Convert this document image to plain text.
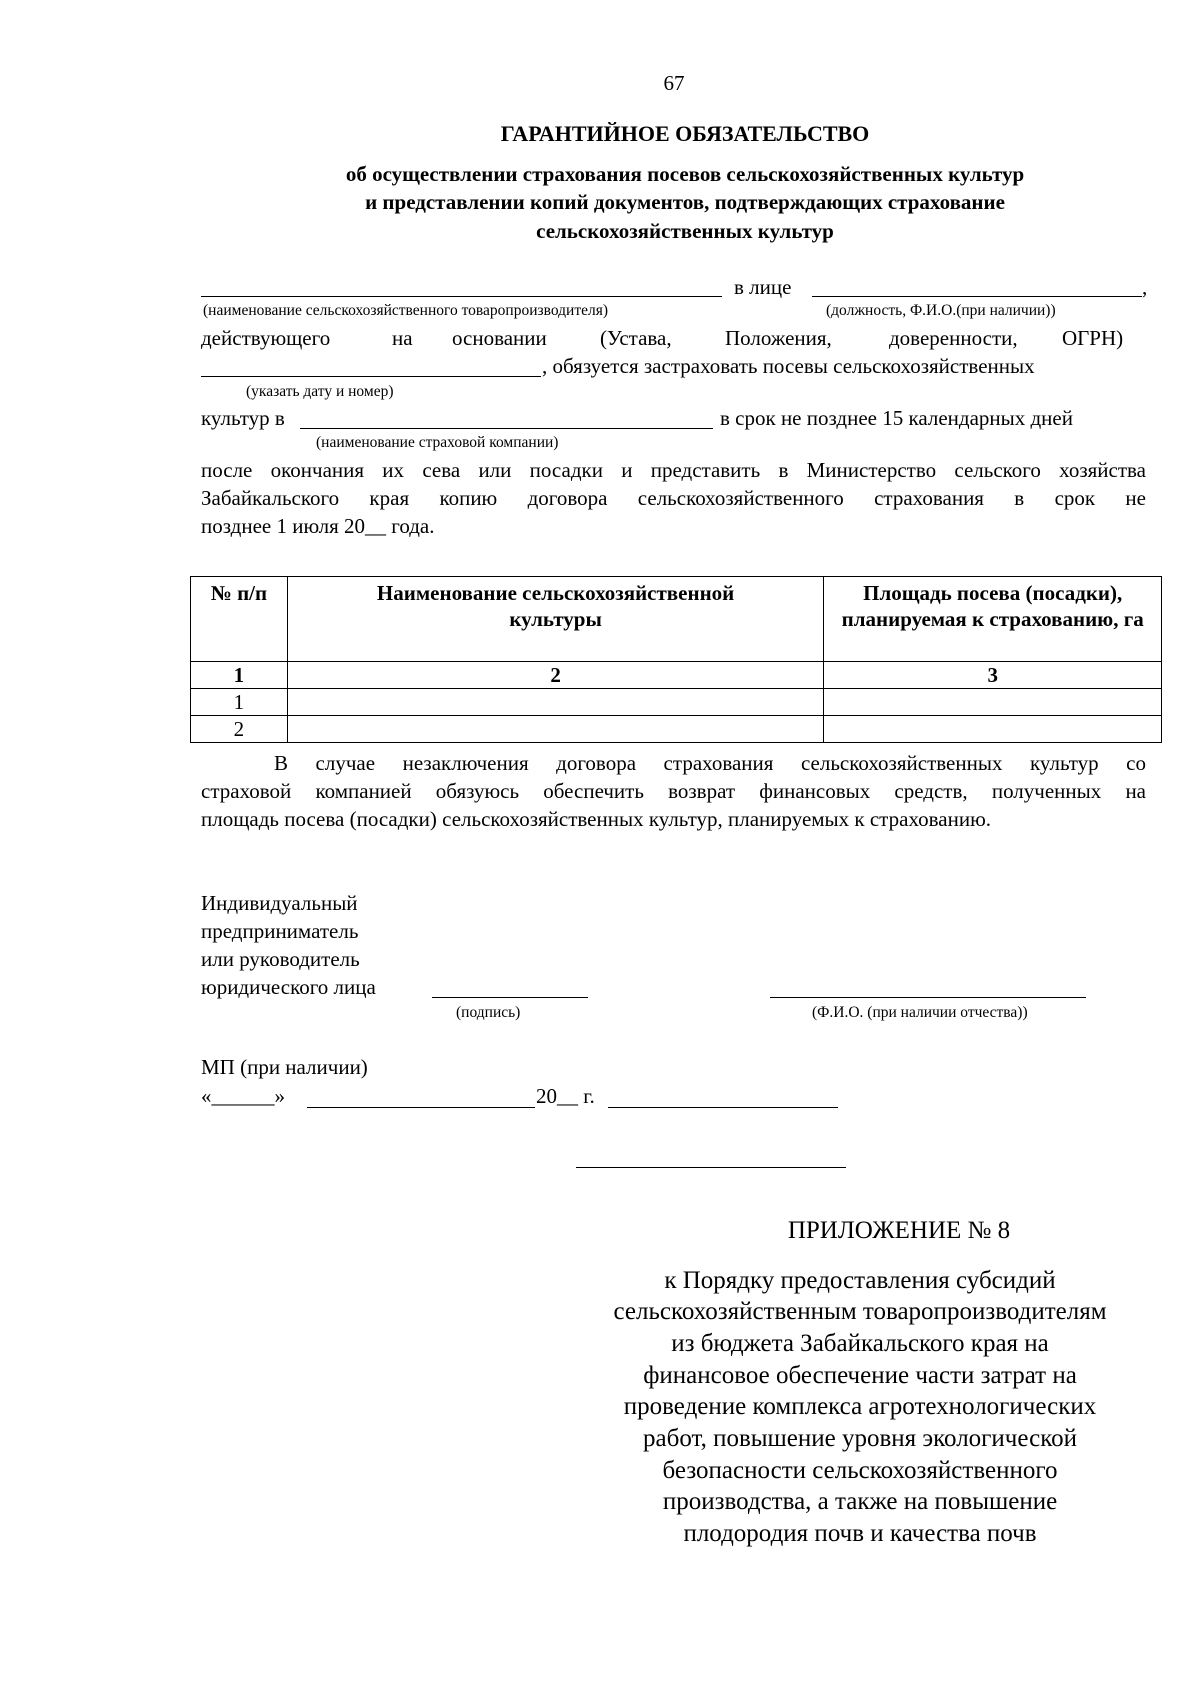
67
ГАРАНТИЙНОЕ ОБЯЗАТЕЛЬСТВО
об осуществлении страхования посевов сельскохозяйственных культур
и представлении копий документов, подтверждающих страхование
сельскохозяйственных культур
в лице	,
(наименование сельскохозяйственного товаропроизводителя)	(должность, Ф.И.О.(при наличии))
действующего	на основании	(Устава,	Положения,	доверенности, ОГРН)
, обязуется застраховать посевы сельскохозяйственных
(указать дату и номер)
культур в	в срок не позднее 15 календарных дней
(наименование страховой компании)
после окончания их сева или посадки и представить в Министерство сельского хозяйства
Забайкальского края копию договора сельскохозяйственного страхования в срок не
позднее 1 июля 20__ года.
№ п/п	Наименование сельскохозяйственной культуры	Площадь посева (посадки), планируемая к страхованию, га
1	2	3
1		
2		
В случае незаключения договора страхования сельскохозяйственных культур со
страховой компанией обязуюсь обеспечить возврат финансовых средств, полученных на
площадь посева (посадки) сельскохозяйственных культур, планируемых к страхованию.
Индивидуальный
предприниматель
или руководитель
юридического лица
(подпись)	(Ф.И.О. (при наличии отчества))
МП (при наличии)
«______»	20__ г.
ПРИЛОЖЕНИЕ № 8
к Порядку предоставления субсидий
сельскохозяйственным товаропроизводителям
из бюджета Забайкальского края на
финансовое обеспечение части затрат на
проведение комплекса агротехнологических
работ, повышение уровня экологической
безопасности сельскохозяйственного
производства, а также на повышение
плодородия почв и качества почв
